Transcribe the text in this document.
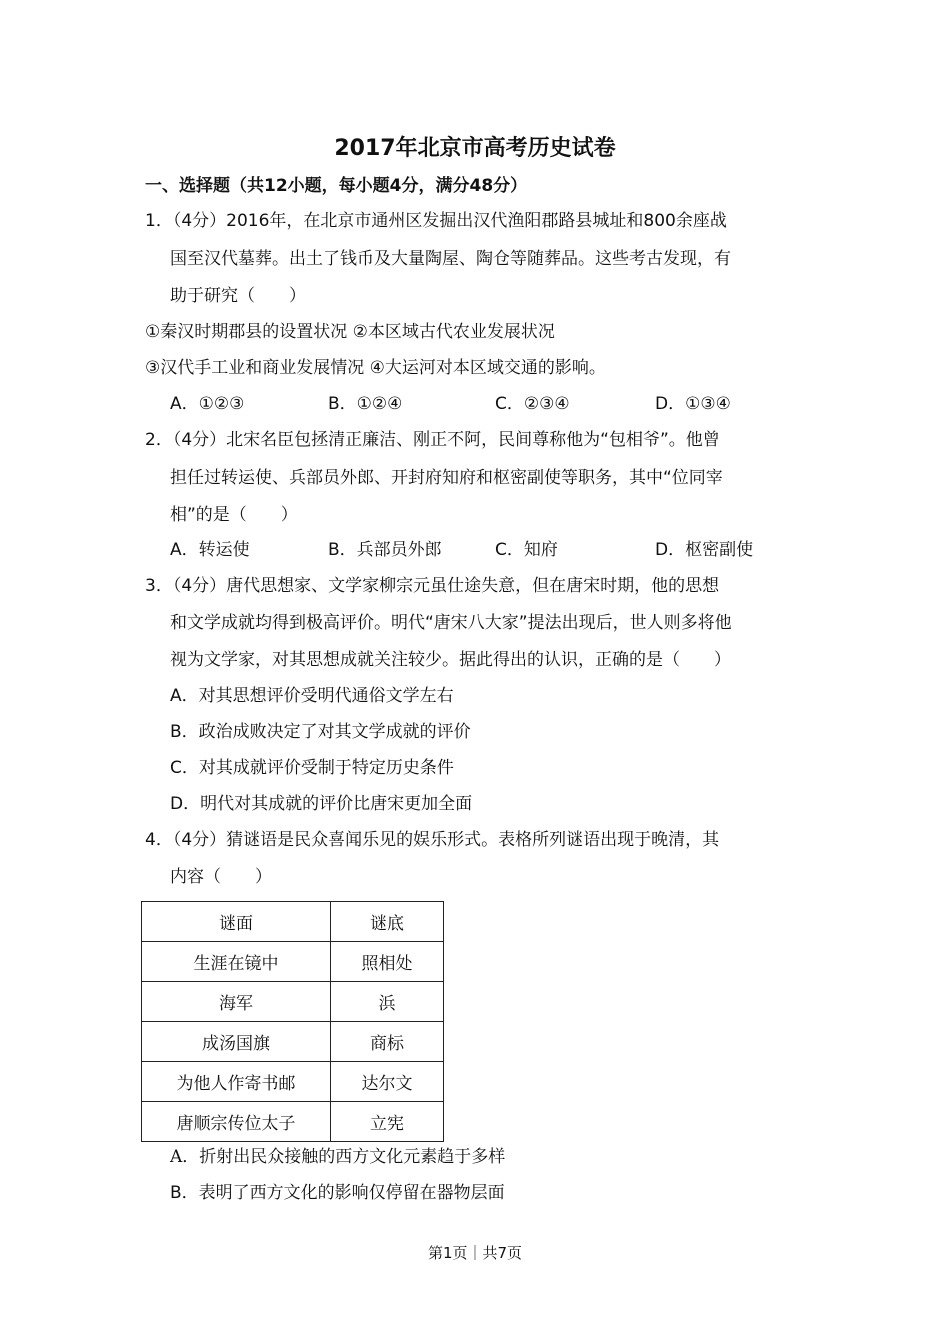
2017年北京市高考历史试卷
一、选择题（共12小题，每小题4分，满分48分）
1．（4分）2016年，在北京市通州区发掘出汉代渔阳郡路县城址和800余座战
国至汉代墓葬。出土了钱币及大量陶屋、陶仓等随葬品。这些考古发现，有
助于研究（　　）
①秦汉时期郡县的设置状况 ②本区域古代农业发展状况
③汉代手工业和商业发展情况 ④大运河对本区域交通的影响。
A．①②③	B．①②④	C．②③④	D．①③④
2．（4分）北宋名臣包拯清正廉洁、刚正不阿，民间尊称他为“包相爷”。他曾
担任过转运使、兵部员外郎、开封府知府和枢密副使等职务，其中“位同宰
相”的是（　　）
A．转运使	B．兵部员外郎	C．知府	D．枢密副使
3．（4分）唐代思想家、文学家柳宗元虽仕途失意，但在唐宋时期，他的思想
和文学成就均得到极高评价。明代“唐宋八大家”提法出现后，世人则多将他
视为文学家，对其思想成就关注较少。据此得出的认识，正确的是（　　）
A．对其思想评价受明代通俗文学左右
B．政治成败决定了对其文学成就的评价
C．对其成就评价受制于特定历史条件
D．明代对其成就的评价比唐宋更加全面
4．（4分）猜谜语是民众喜闻乐见的娱乐形式。表格所列谜语出现于晚清，其
内容（　　）
谜面	谜底
生涯在镜中	照相处
海军	浜
成汤国旗	商标
为他人作寄书邮	达尔文
唐顺宗传位太子	立宪
A．折射出民众接触的西方文化元素趋于多样
B．表明了西方文化的影响仅停留在器物层面
第1页｜共7页
